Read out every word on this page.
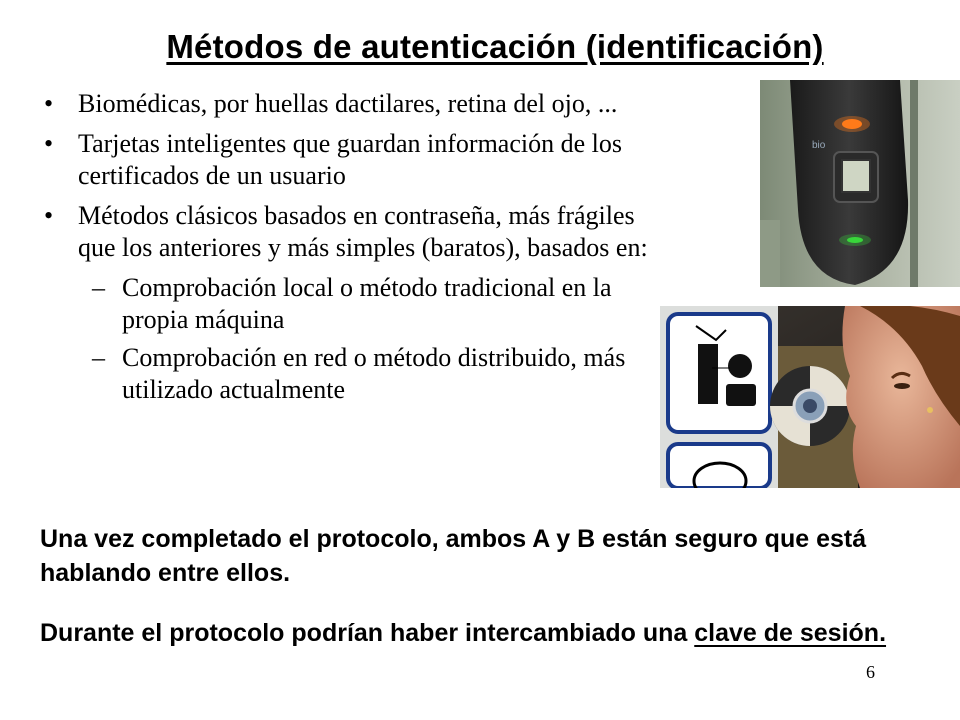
Métodos de autenticación (identificación)
• Biomédicas, por huellas dactilares, retina del ojo, ...
• Tarjetas inteligentes que guardan información de los certificados de un usuario
• Métodos clásicos basados en contraseña, más frágiles que los anteriores y más simples (baratos), basados en:
– Comprobación local o método tradicional en la propia máquina
– Comprobación en red o método distribuido, más utilizado actualmente
bio
Una vez completado el protocolo, ambos A y B están seguro que está hablando entre ellos.
Durante el protocolo podrían haber intercambiado una clave de sesión.
6
